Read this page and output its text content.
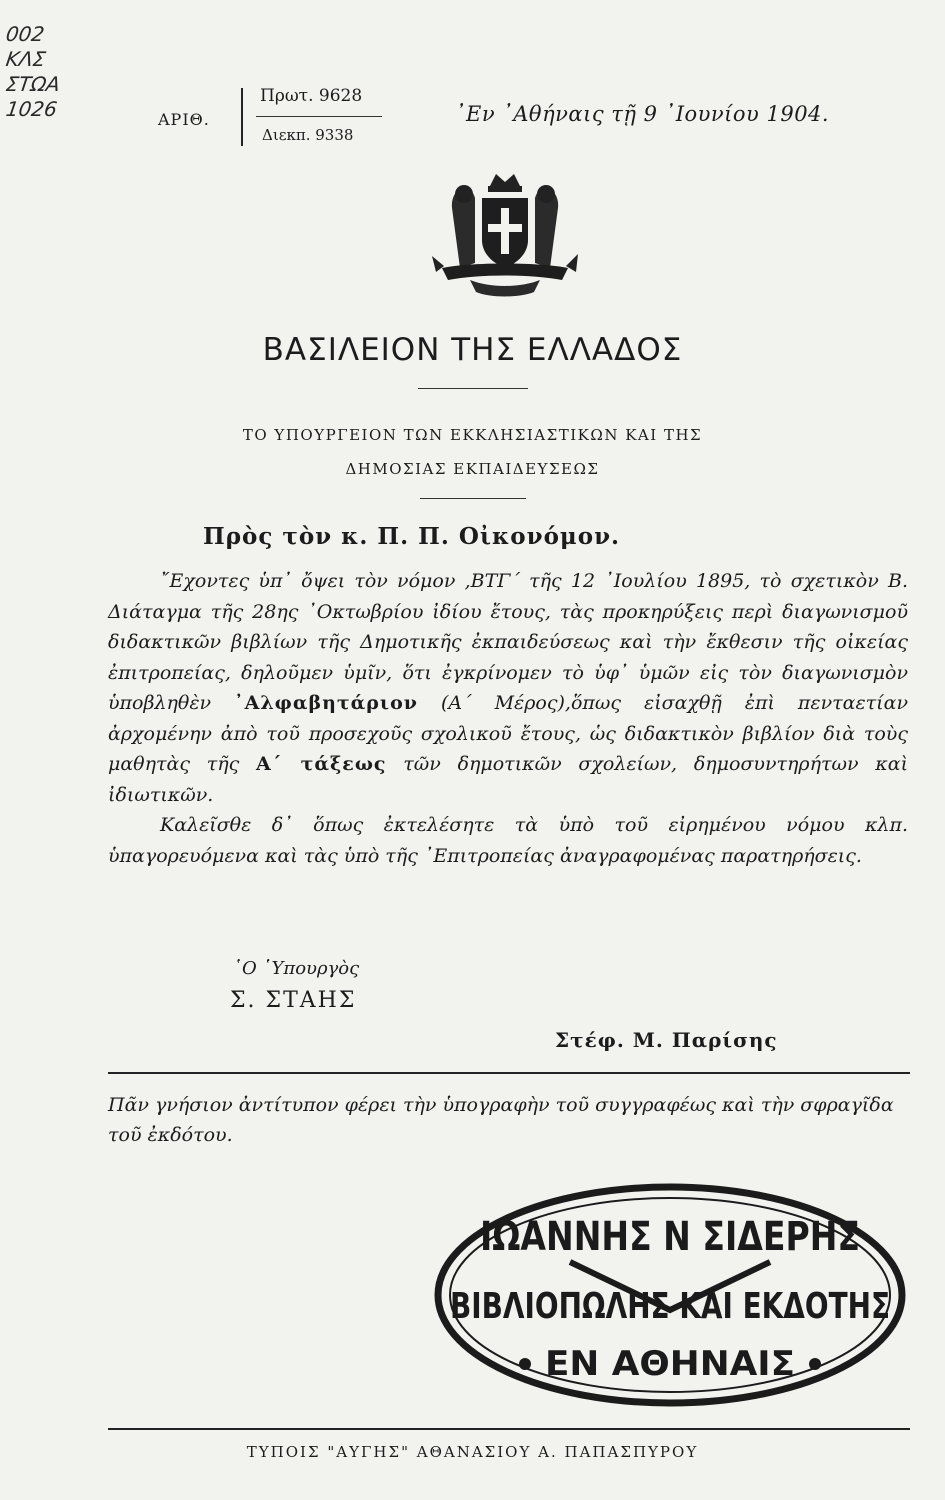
002
ΚΛΣ
ΣΤΩΑ
1026	ΑΡΙΘ.
Πρωτ. 9628
Διεκπ. 9338
᾿Εν ᾿Αθήναις τῇ 9 ᾿Ιουνίου 1904.
ΒΑΣΙΛΕΙΟΝ ΤΗΣ ΕΛΛΑΔΟΣ
ΤΟ ΥΠΟΥΡΓΕΙΟΝ ΤΩΝ ΕΚΚΛΗΣΙΑΣΤΙΚΩΝ ΚΑΙ ΤΗΣ
ΔΗΜΟΣΙΑΣ ΕΚΠΑΙΔΕΥΣΕΩΣ
Πρὸς τὸν κ. Π. Π. Οἰκονόμον.

῎Εχοντες ὑπ᾿ ὄψει τὸν νόμον ,ΒΤΓ΄ τῆς 12 ᾿Ιουλίου 1895, τὸ σχετικὸν Β. Διάταγμα τῆς 28ης ᾿Οκτωβρίου ἰδίου ἔτους, τὰς προκηρύξεις περὶ διαγωνισμοῦ διδακτικῶν βιβλίων τῆς Δημοτικῆς ἐκπαιδεύσεως καὶ τὴν ἔκθεσιν τῆς οἰκείας ἐπιτροπείας, δηλοῦμεν ὑμῖν, ὅτι ἐγκρίνομεν τὸ ὑφ᾿ ὑμῶν εἰς τὸν διαγωνισμὸν ὑποβληθὲν ᾿Αλφαβητάριον (Α΄ Μέρος),ὅπως εἰσαχθῇ ἐπὶ πενταετίαν ἀρχομένην ἀπὸ τοῦ προσεχοῦς σχολικοῦ ἔτους, ὡς διδακτικὸν βιβλίον διὰ τοὺς μαθητὰς τῆς Α΄ τάξεως τῶν δημοτικῶν σχολείων, δημοσυντηρήτων καὶ ἰδιωτικῶν.

Καλεῖσθε δ᾿ ὅπως ἐκτελέσητε τὰ ὑπὸ τοῦ εἰρημένου νόμου κλπ. ὑπαγορευόμενα καὶ τὰς ὑπὸ τῆς ᾿Επιτροπείας ἀναγραφομένας παρατηρήσεις.

῾Ο ῾Υπουργὸς
Σ. ΣΤΑΗΣ
Στέφ. Μ. Παρίσης
Πᾶν γνήσιον ἀντίτυπον φέρει τὴν ὑπογραφὴν τοῦ συγγραφέως καὶ τὴν σφραγῖδα τοῦ ἐκδότου.
ΙΩΑΝΝΗΣ Ν ΣΙΔΕΡΗΣ
ΒΙΒΛΙΟΠΩΛΗΣ ΚΑΙ ΕΚΔΟΤΗΣ
ΕΝ ΑΘΗΝΑΙΣ
ΤΥΠΟΙΣ "ΑΥΓΗΣ" ΑΘΑΝΑΣΙΟΥ Α. ΠΑΠΑΣΠΥΡΟΥ
